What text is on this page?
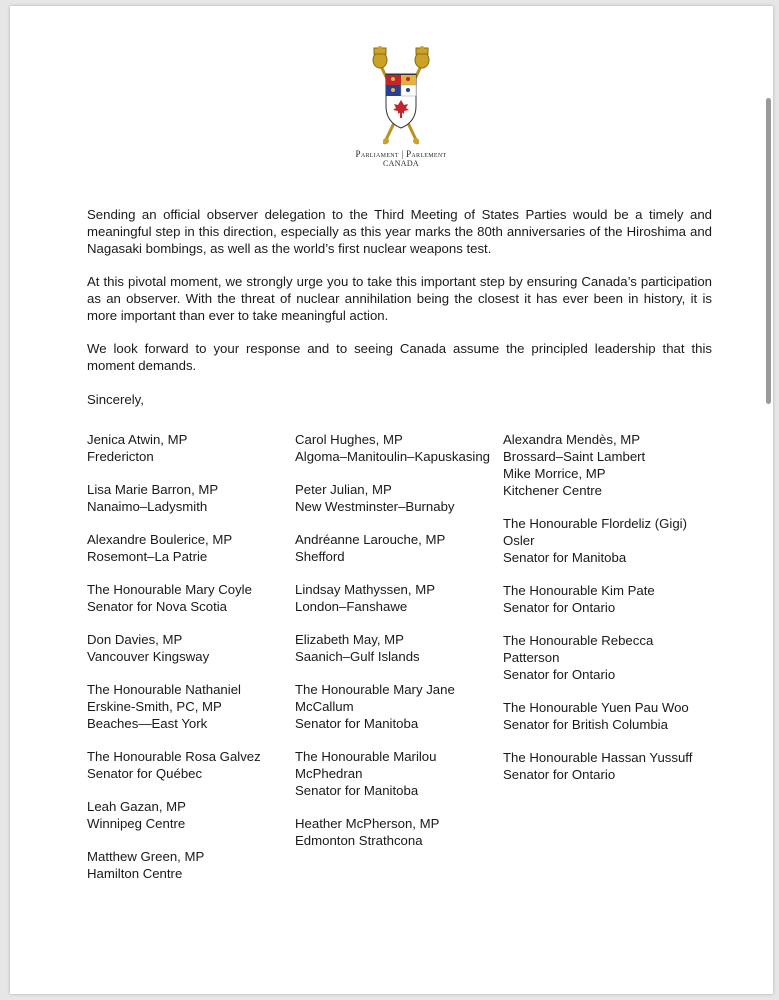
Parliament | Parlement
CANADA

Sending an official observer delegation to the Third Meeting of States Parties would be a timely and meaningful step in this direction, especially as this year marks the 80th anniversaries of the Hiroshima and Nagasaki bombings, as well as the world’s first nuclear weapons test.

At this pivotal moment, we strongly urge you to take this important step by ensuring Canada’s participation as an observer. With the threat of nuclear annihilation being the closest it has ever been in history, it is more important than ever to take meaningful action.

We look forward to your response and to seeing Canada assume the principled leadership that this moment demands.

Sincerely,

Jenica Atwin, MP
Fredericton
Lisa Marie Barron, MP
Nanaimo–Ladysmith
Alexandre Boulerice, MP
Rosemont–La Patrie
The Honourable Mary Coyle
Senator for Nova Scotia
Don Davies, MP
Vancouver Kingsway
The Honourable Nathaniel Erskine-Smith, PC, MP
Beaches—East York
The Honourable Rosa Galvez
Senator for Québec
Leah Gazan, MP
Winnipeg Centre
Matthew Green, MP
Hamilton Centre
Carol Hughes, MP
Algoma–Manitoulin–Kapuskasing
Peter Julian, MP
New Westminster–Burnaby
Andréanne Larouche, MP
Shefford
Lindsay Mathyssen, MP
London–Fanshawe
Elizabeth May, MP
Saanich–Gulf Islands
The Honourable Mary Jane McCallum
Senator for Manitoba
The Honourable Marilou McPhedran
Senator for Manitoba
Heather McPherson, MP
Edmonton Strathcona
Alexandra Mendès, MP
Brossard–Saint Lambert
Mike Morrice, MP
Kitchener Centre
The Honourable Flordeliz (Gigi) Osler
Senator for Manitoba
The Honourable Kim Pate
Senator for Ontario
The Honourable Rebecca Patterson
Senator for Ontario
The Honourable Yuen Pau Woo
Senator for British Columbia
The Honourable Hassan Yussuff
Senator for Ontario
